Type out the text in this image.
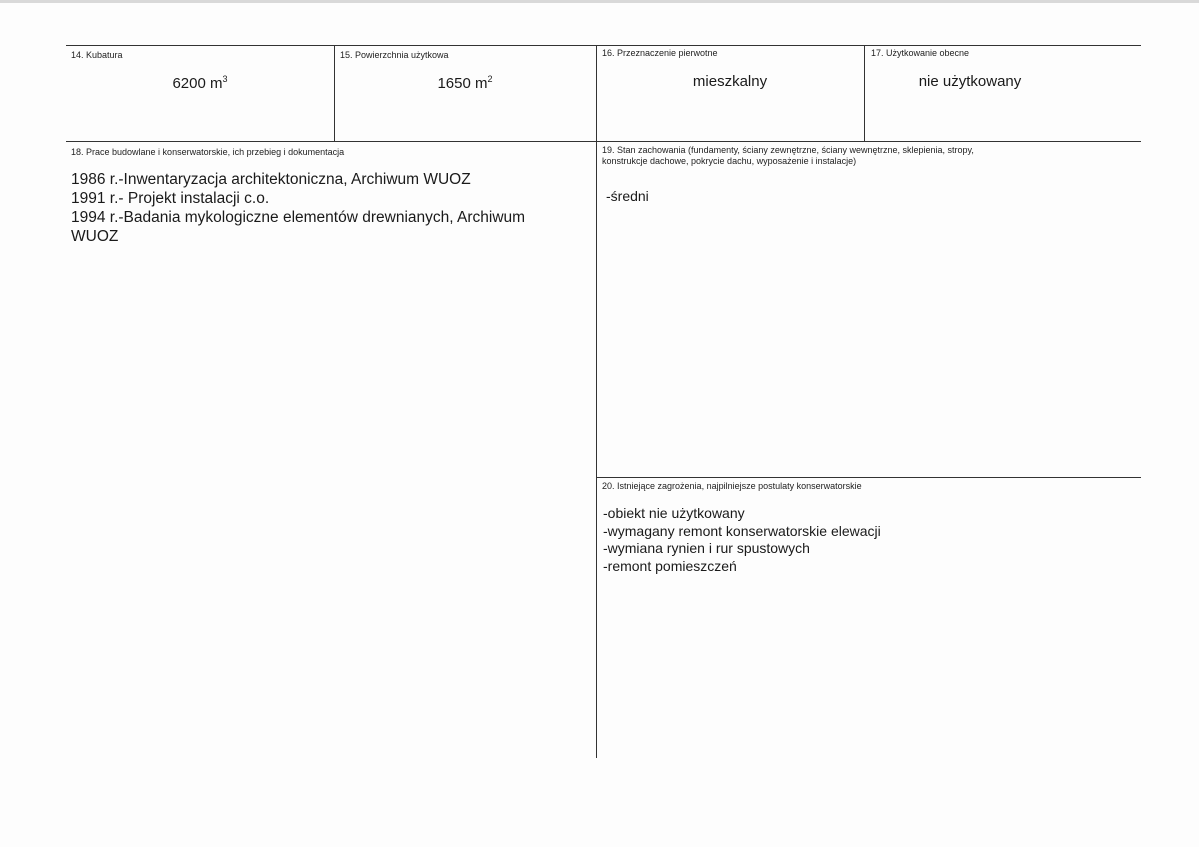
14. Kubatura
6200 $m^3$
15. Powierzchnia użytkowa
1650 $m^2$
16. Przeznaczenie pierwotne
mieszkalny
17. Użytkowanie obecne
nie użytkowany
18. Prace budowlane i konserwatorskie, ich przebieg i dokumentacja
1986 r.-Inwentaryzacja architektoniczna, Archiwum WUOZ
1991 r.- Projekt instalacji c.o.
1994 r.-Badania mykologiczne elementów drewnianych, Archiwum
WUOZ
19. Stan zachowania (fundamenty, ściany zewnętrzne, ściany wewnętrzne, sklepienia, stropy,
konstrukcje dachowe, pokrycie dachu, wyposażenie i instalacje)
-średni
20. Istniejące zagrożenia, najpilniejsze postulaty konserwatorskie
-obiekt nie użytkowany
-wymagany remont konserwatorskie elewacji
-wymiana rynien i rur spustowych
-remont pomieszczeń
